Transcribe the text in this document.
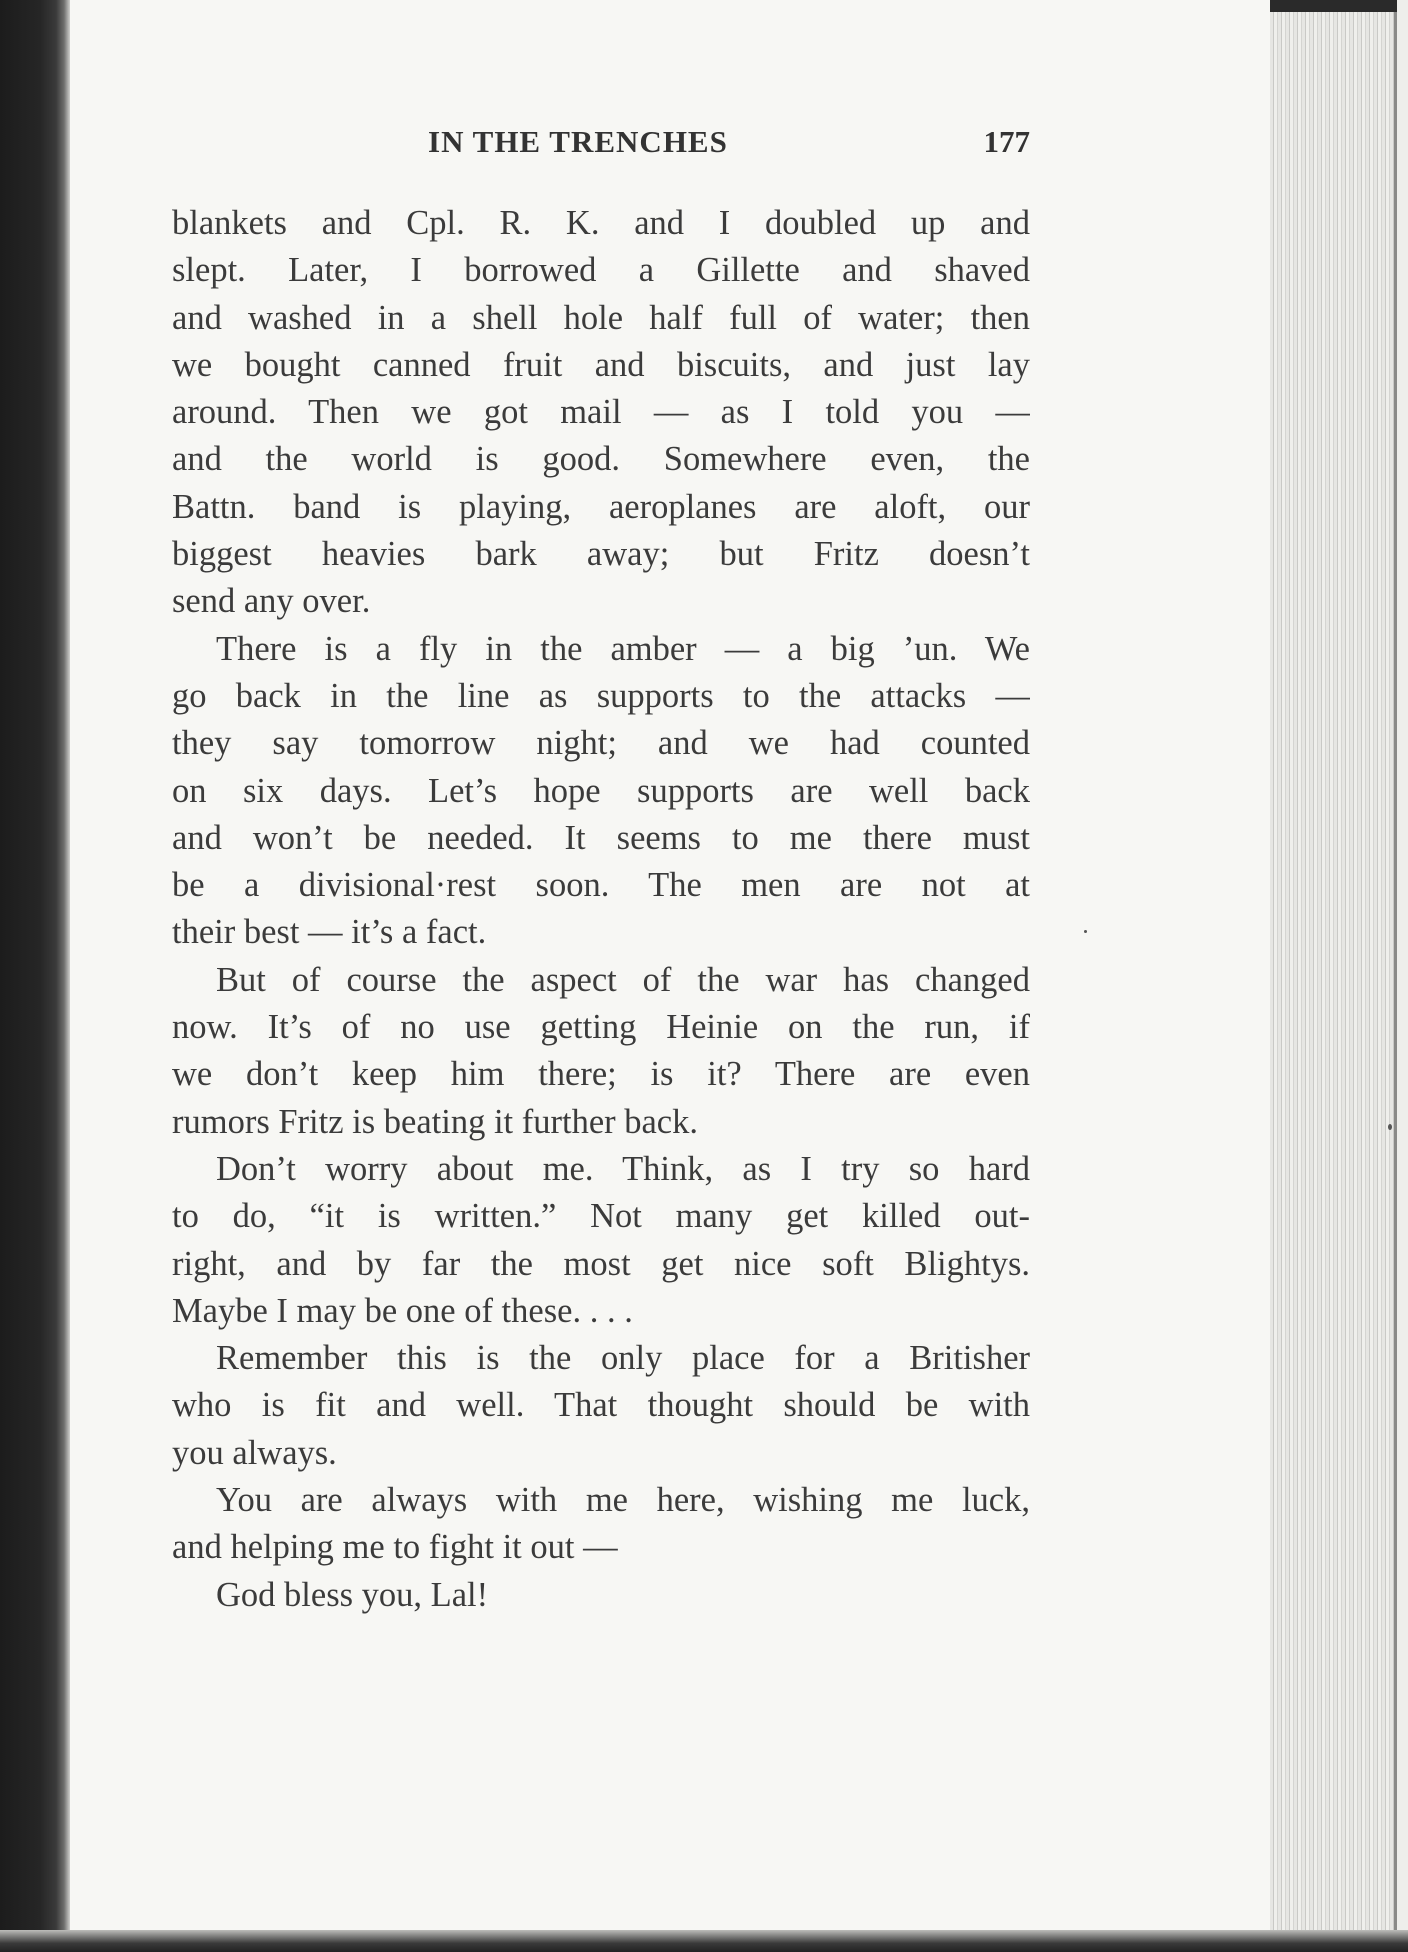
IN THE TRENCHES	177
blankets and Cpl. R. K. and I doubled up and
slept. Later, I borrowed a Gillette and shaved
and washed in a shell hole half full of water; then
we bought canned fruit and biscuits, and just lay
around. Then we got mail — as I told you —
and the world is good. Somewhere even, the
Battn. band is playing, aeroplanes are aloft, our
biggest heavies bark away; but Fritz doesn’t
send any over.
There is a fly in the amber — a big ’un. We
go back in the line as supports to the attacks —
they say tomorrow night; and we had counted
on six days. Let’s hope supports are well back
and won’t be needed. It seems to me there must
be a divisional·rest soon. The men are not at
their best — it’s a fact.
But of course the aspect of the war has changed
now. It’s of no use getting Heinie on the run, if
we don’t keep him there; is it? There are even
rumors Fritz is beating it further back.
Don’t worry about me. Think, as I try so hard
to do, “it is written.” Not many get killed out-
right, and by far the most get nice soft Blightys.
Maybe I may be one of these. . . .
Remember this is the only place for a Britisher
who is fit and well. That thought should be with
you always.
You are always with me here, wishing me luck,
and helping me to fight it out —
God bless you, Lal!
